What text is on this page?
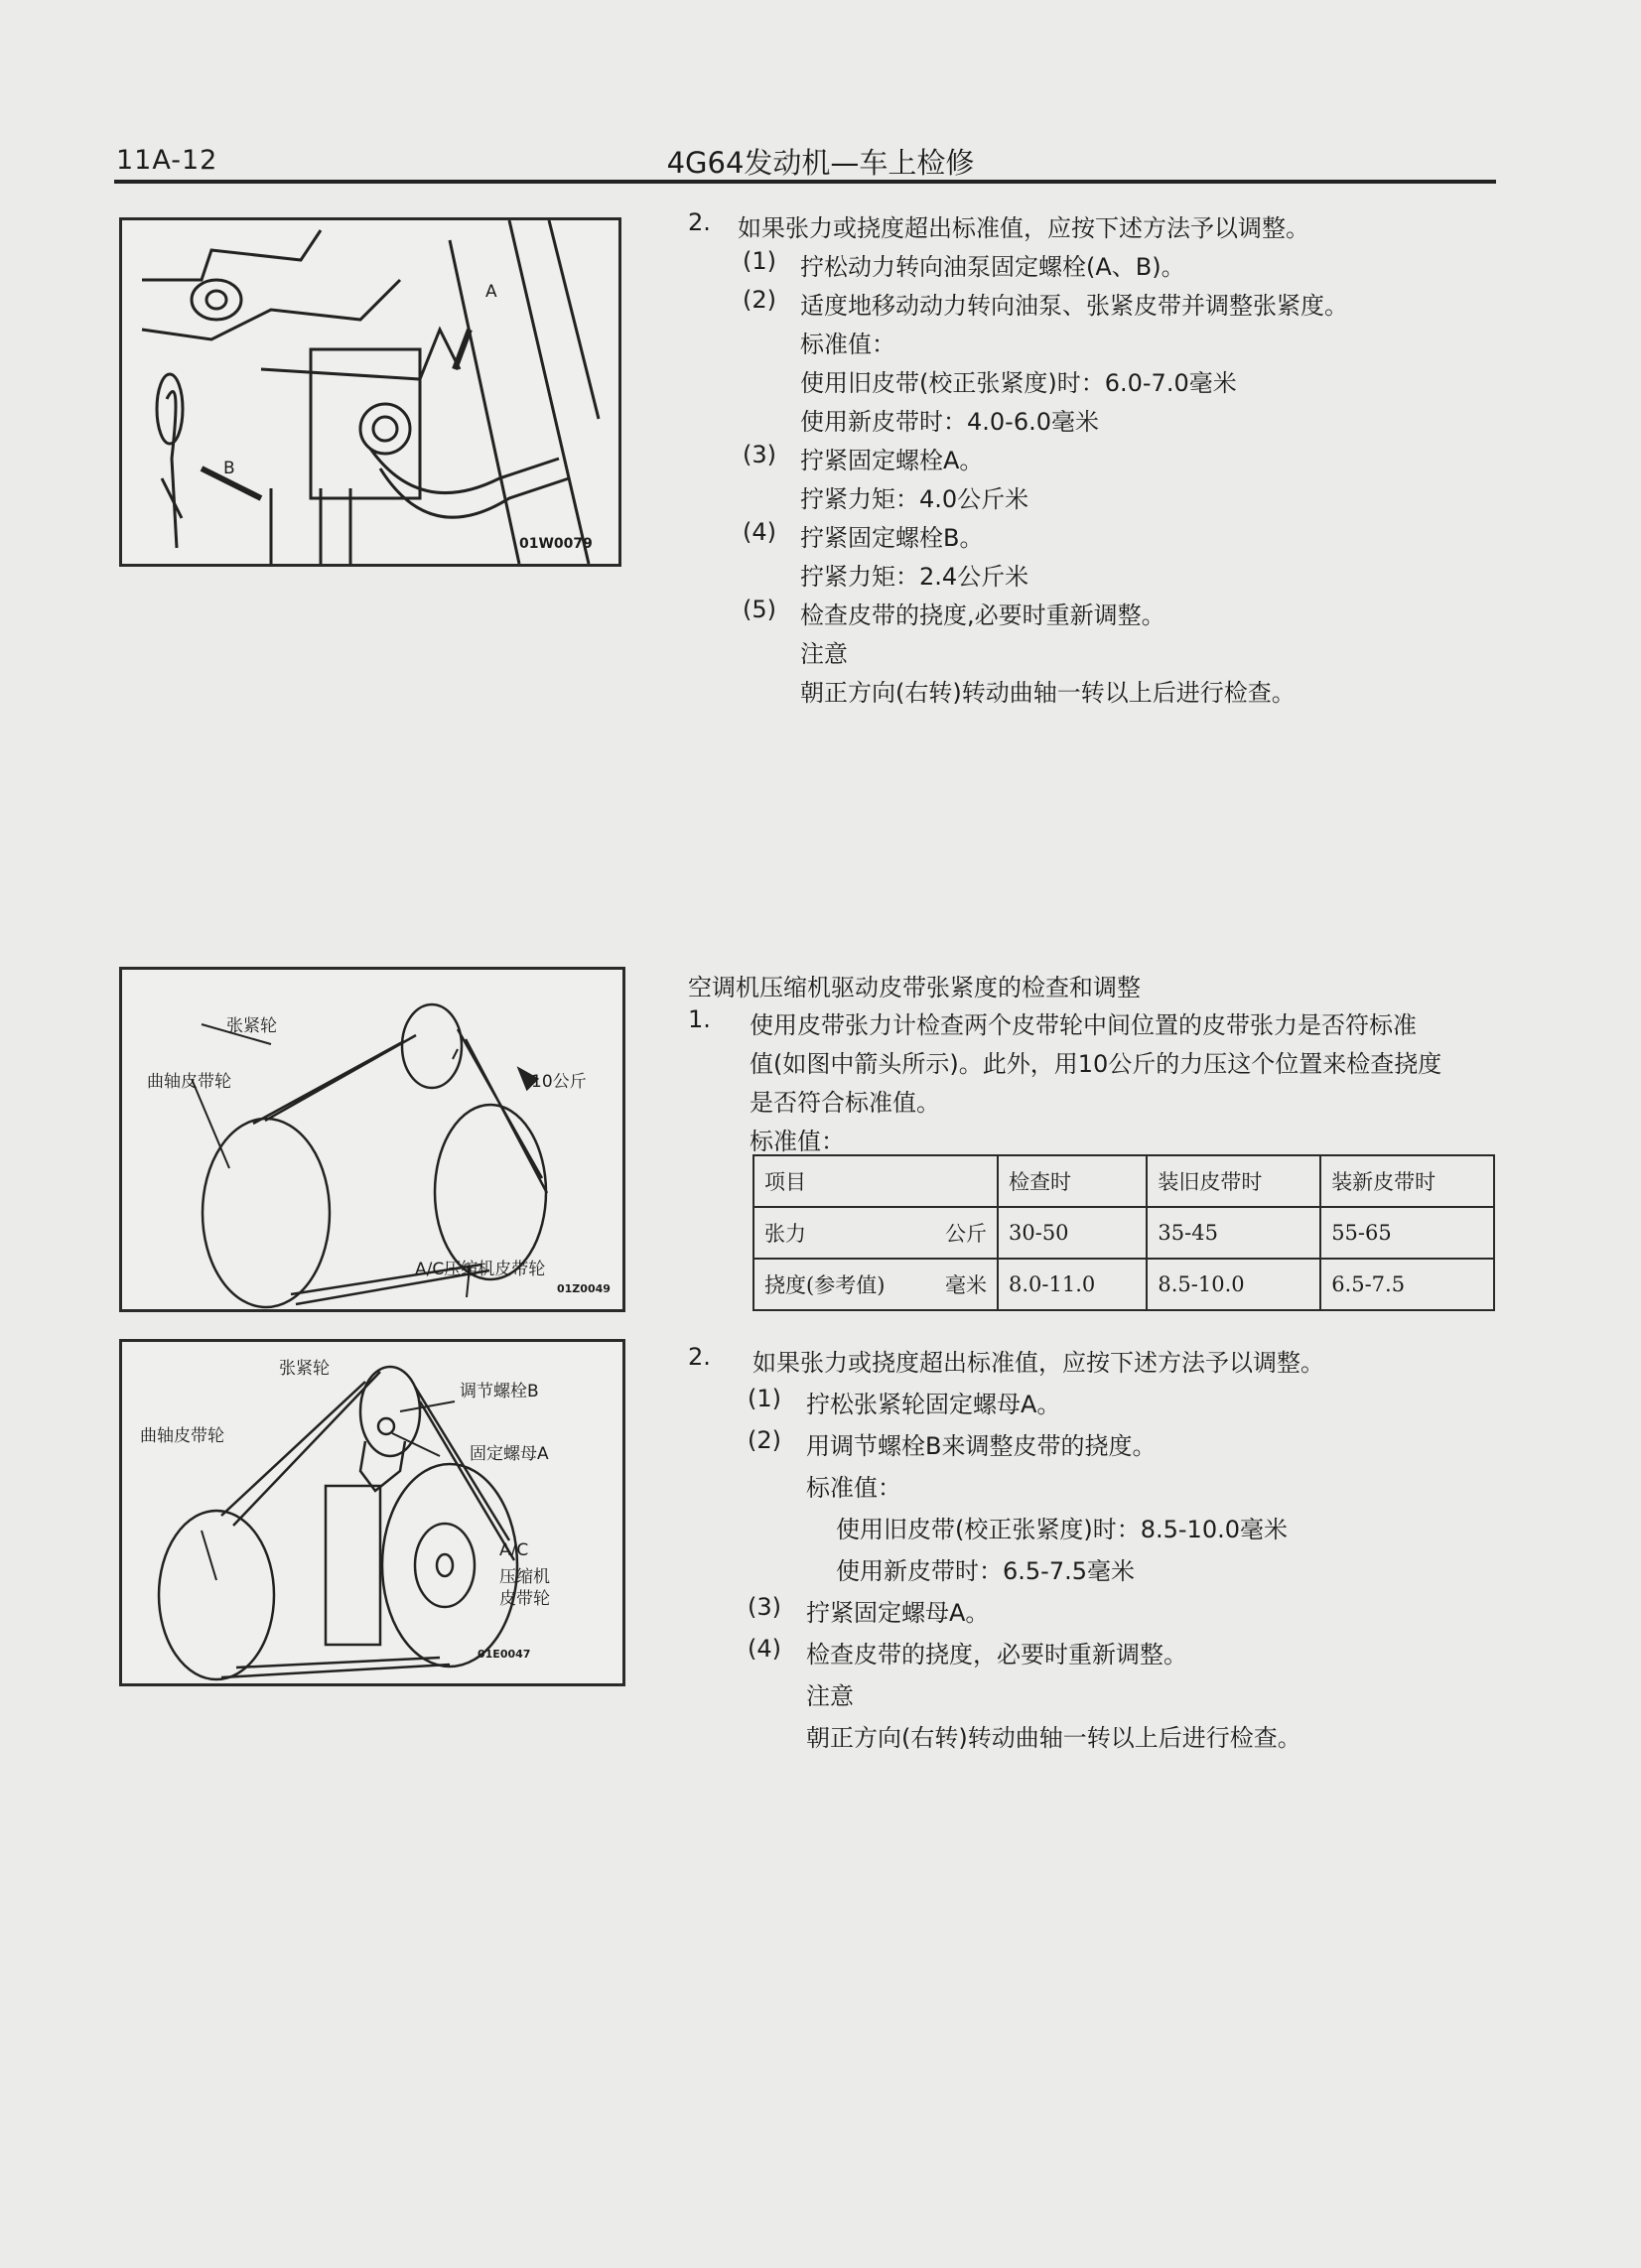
11A-12	4G64发动机—车上检修
A
B
01W0079
2. 如果张力或挠度超出标准值，应按下述方法予以调整。
(1) 拧松动力转向油泵固定螺栓(A、B)。
(2) 适度地移动动力转向油泵、张紧皮带并调整张紧度。
标准值：
使用旧皮带(校正张紧度)时：6.0-7.0毫米
使用新皮带时：4.0-6.0毫米
(3) 拧紧固定螺栓A。
拧紧力矩：4.0公斤米
(4) 拧紧固定螺栓B。
拧紧力矩：2.4公斤米
(5) 检查皮带的挠度,必要时重新调整。
注意
朝正方向(右转)转动曲轴一转以上后进行检查。
张紧轮
曲轴皮带轮	10公斤
A/C压缩机皮带轮
01Z0049
空调机压缩机驱动皮带张紧度的检查和调整
1. 使用皮带张力计检查两个皮带轮中间位置的皮带张力是否符标准
值(如图中箭头所示)。此外，用10公斤的力压这个位置来检查挠度
是否符合标准值。
标准值：
项目	检查时	装旧皮带时	装新皮带时
张力 公斤	30-50	35-45	55-65
挠度(参考值) 毫米	8.0-11.0	8.5-10.0	6.5-7.5
张紧轮
调节螺栓B
曲轴皮带轮
固定螺母A
A/C
压缩机
皮带轮
01E0047
2. 如果张力或挠度超出标准值，应按下述方法予以调整。
(1) 拧松张紧轮固定螺母A。
(2) 用调节螺栓B来调整皮带的挠度。
标准值：
使用旧皮带(校正张紧度)时：8.5-10.0毫米
使用新皮带时：6.5-7.5毫米
(3) 拧紧固定螺母A。
(4) 检查皮带的挠度，必要时重新调整。
注意
朝正方向(右转)转动曲轴一转以上后进行检查。
